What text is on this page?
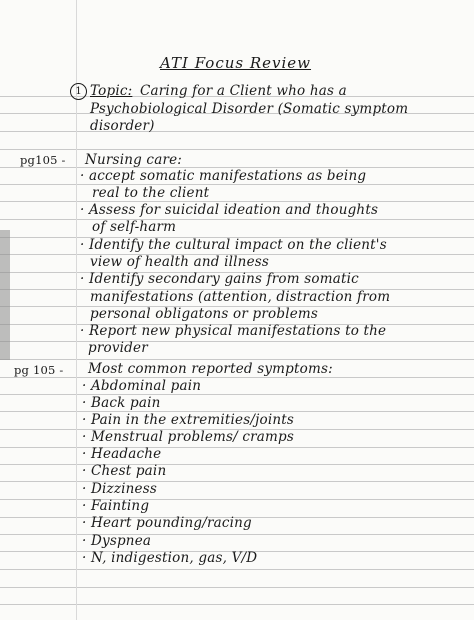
ATI Focus Review
1 Topic: Caring for a Client who has a
Psychobiological Disorder (Somatic symptom
disorder)
pg105 - Nursing care:
· accept somatic manifestations as being
real to the client
· Assess for suicidal ideation and thoughts
of self-harm
· Identify the cultural impact on the client's
view of health and illness
· Identify secondary gains from somatic
manifestations (attention, distraction from
personal obligatons or problems
· Report new physical manifestations to the
provider
pg 105 - Most common reported symptoms:
· Abdominal pain
· Back pain
· Pain in the extremities/joints
· Menstrual problems/ cramps
· Headache
· Chest pain
· Dizziness
· Fainting
· Heart pounding/racing
· Dyspnea
· N, indigestion, gas, V/D
